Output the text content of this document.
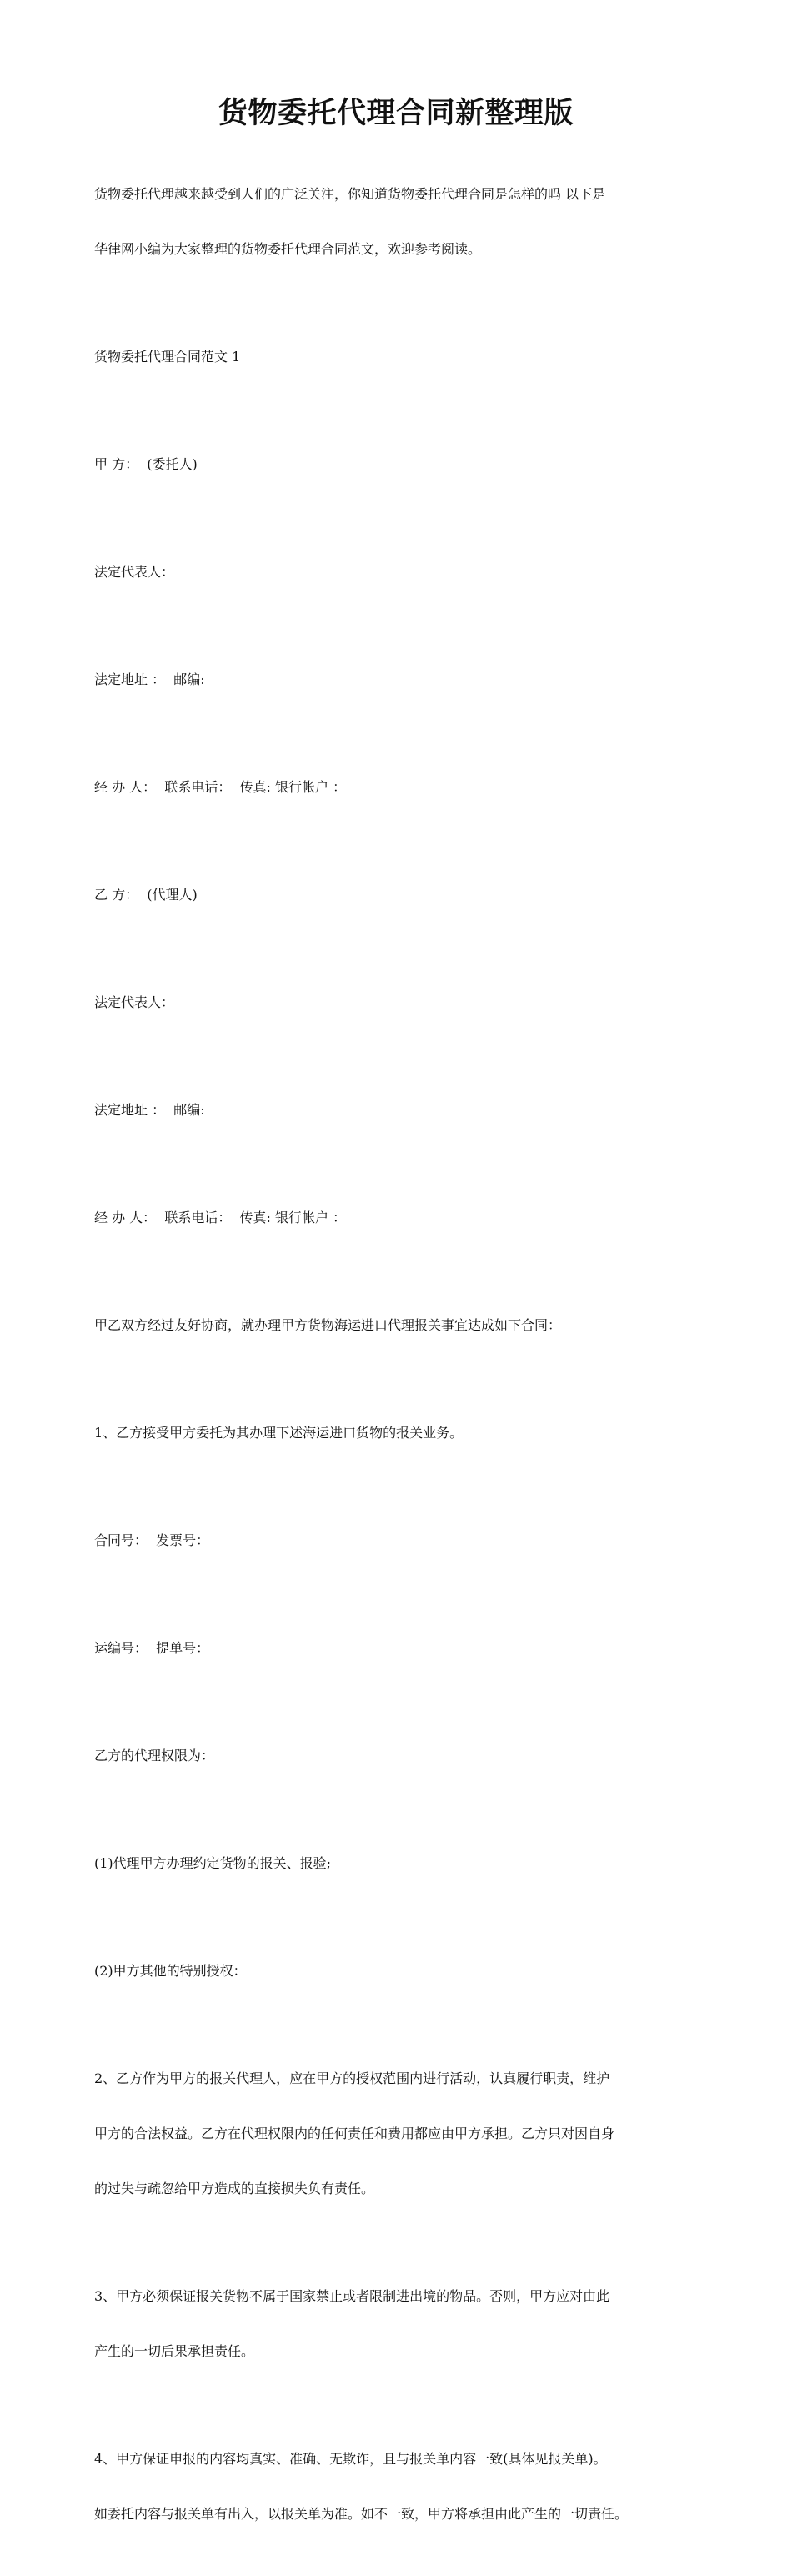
货物委托代理合同新整理版

货物委托代理越来越受到人们的广泛关注，你知道货物委托代理合同是怎样的吗 以下是

华律网小编为大家整理的货物委托代理合同范文，欢迎参考阅读。

货物委托代理合同范文 1

甲 方：  (委托人)

法定代表人：

法定地址 ：  邮编:

经 办 人：  联系电话：  传真: 银行帐户 ：

乙 方：  (代理人)

法定代表人：

法定地址 ：  邮编:

经 办 人：  联系电话：  传真: 银行帐户 ：

甲乙双方经过友好协商，就办理甲方货物海运进口代理报关事宜达成如下合同：

1、乙方接受甲方委托为其办理下述海运进口货物的报关业务。

合同号：  发票号：

运编号：  提单号：

乙方的代理权限为：

(1)代理甲方办理约定货物的报关、报验;

(2)甲方其他的特别授权：

2、乙方作为甲方的报关代理人，应在甲方的授权范围内进行活动，认真履行职责，维护

甲方的合法权益。乙方在代理权限内的任何责任和费用都应由甲方承担。乙方只对因自身

的过失与疏忽给甲方造成的直接损失负有责任。

3、甲方必须保证报关货物不属于国家禁止或者限制进出境的物品。否则，甲方应对由此

产生的一切后果承担责任。

4、甲方保证申报的内容均真实、准确、无欺诈，且与报关单内容一致(具体见报关单)。

如委托内容与报关单有出入，以报关单为准。如不一致，甲方将承担由此产生的一切责任。
